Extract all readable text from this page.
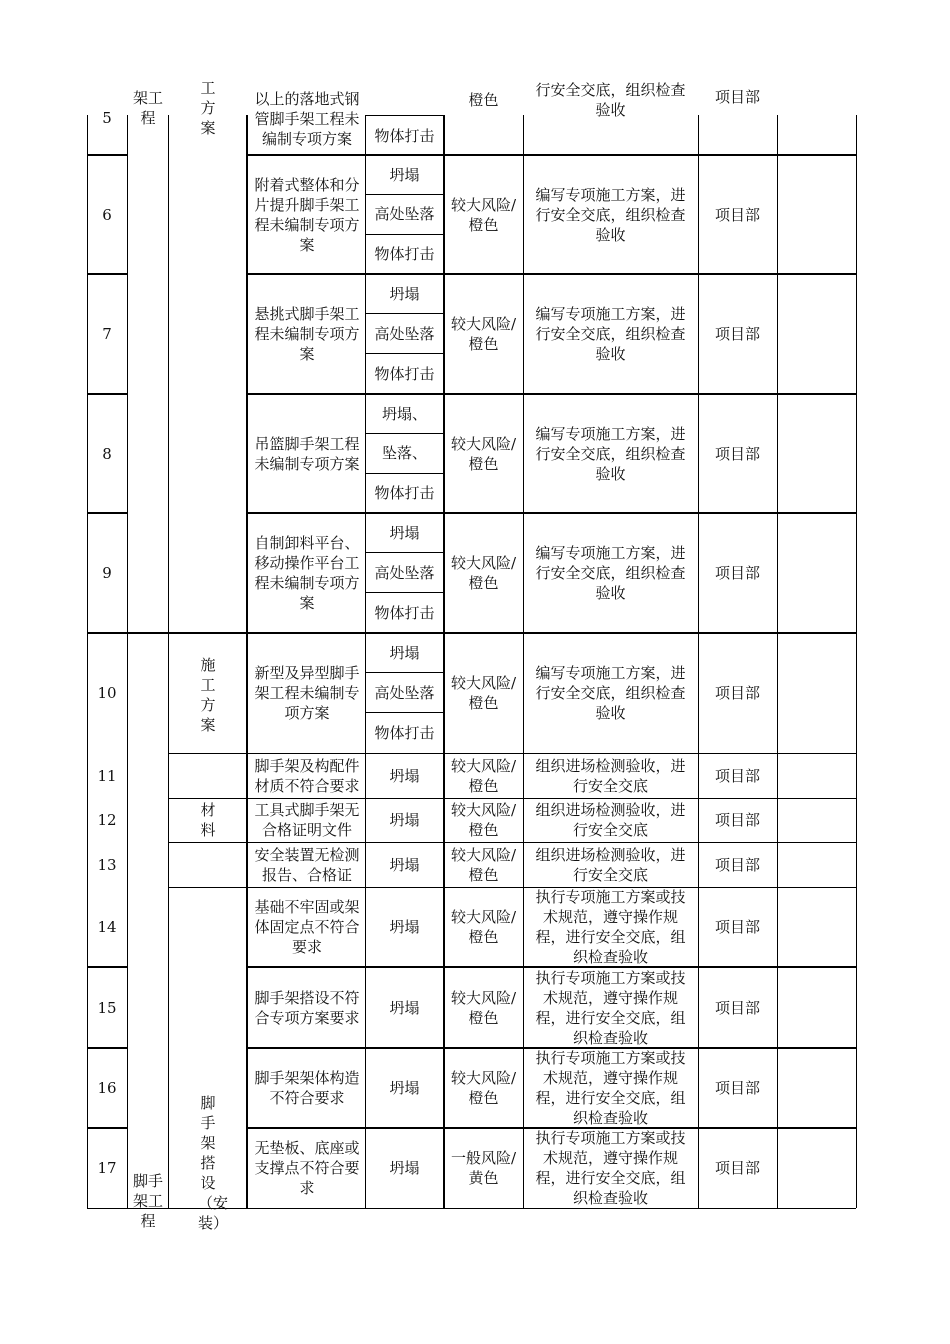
5
以上的落地式钢管脚手架工程未编制专项方案
橙色
行安全交底，组织检查验收
项目部
物体打击
6
附着式整体和分片提升脚手架工程未编制专项方案
较大风险/橙色
编写专项施工方案，进行安全交底，组织检查验收
项目部
坍塌
高处坠落
物体打击
7
悬挑式脚手架工程未编制专项方案
较大风险/橙色
编写专项施工方案，进行安全交底，组织检查验收
项目部
坍塌
高处坠落
物体打击
8
吊篮脚手架工程未编制专项方案
较大风险/橙色
编写专项施工方案，进行安全交底，组织检查验收
项目部
坍塌、
坠落、
物体打击
9
自制卸料平台、移动操作平台工程未编制专项方案
较大风险/橙色
编写专项施工方案，进行安全交底，组织检查验收
项目部
坍塌
高处坠落
物体打击
10
新型及异型脚手架工程未编制专项方案
较大风险/橙色
编写专项施工方案，进行安全交底，组织检查验收
项目部
坍塌
高处坠落
物体打击
11
脚手架及构配件材质不符合要求
较大风险/橙色
组织进场检测验收，进行安全交底
项目部
坍塌
12
工具式脚手架无合格证明文件
较大风险/橙色
组织进场检测验收，进行安全交底
项目部
坍塌
13
安全装置无检测报告、合格证
较大风险/橙色
组织进场检测验收，进行安全交底
项目部
坍塌
14
基础不牢固或架体固定点不符合要求
较大风险/橙色
执行专项施工方案或技术规范，遵守操作规程，进行安全交底，组织检查验收
项目部
坍塌
15
脚手架搭设不符合专项方案要求
较大风险/橙色
执行专项施工方案或技术规范，遵守操作规程，进行安全交底，组织检查验收
项目部
坍塌
16
脚手架架体构造不符合要求
较大风险/橙色
执行专项施工方案或技术规范，遵守操作规程，进行安全交底，组织检查验收
项目部
坍塌
17
无垫板、底座或支撑点不符合要求
一般风险/黄色
执行专项施工方案或技术规范，遵守操作规程，进行安全交底，组织检查验收
项目部
坍塌
架工程
脚手架工程
工方案
施工方案
材料
脚手架搭设（安装）
